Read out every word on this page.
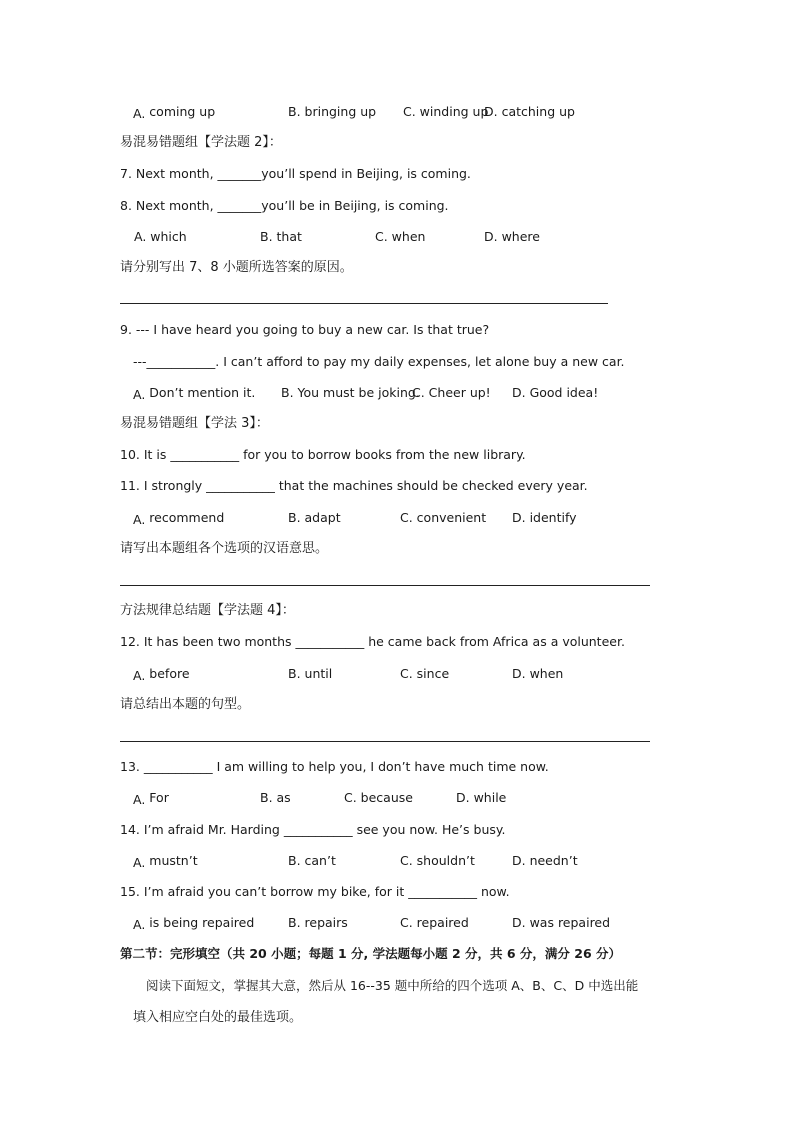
A. coming up	B. bringing up C. winding up
D. catching up
易混易错题组【学法题 2】：
7. Next month, _______you’ll spend in Beijing, is coming.
8. Next month, _______you’ll be in Beijing, is coming.
A. which	B. that	C. when	D. where
请分别写出 7、8 小题所选答案的原因。
9. --- I have heard you going to buy a new car. Is that true?
---___________. I can’t afford to pay my daily expenses, let alone buy a new car.
A. Don’t mention it. B. You must be joking.
C. Cheer up! D. Good idea!
易混易错题组【学法 3】：
10. It is ___________ for you to borrow books from the new library.
11. I strongly ___________ that the machines should be checked every year.
A. recommend	B. adapt	C. convenient D. identify
请写出本题组各个选项的汉语意思。
方法规律总结题【学法题 4】：
12. It has been two months ___________ he came back from Africa as a volunteer.
A. before	B. until	C. since	D. when
请总结出本题的句型。
13. ___________ I am willing to help you, I don’t have much time now.
A. For	B. as	C. because	D. while
14. I’m afraid Mr. Harding ___________ see you now. He’s busy.
A. mustn’t	B. can’t	C. shouldn’t	D. needn’t
15. I’m afraid you can’t borrow my bike, for it ___________ now.
A. is being repaired	B. repairs	C. repaired	D. was repaired
第二节：完形填空（共 20 小题；每题 1 分, 学法题每小题 2 分，共 6 分，满分 26 分）
阅读下面短文，掌握其大意，然后从 16--35 题中所给的四个选项 A、B、C、D 中选出能
填入相应空白处的最佳选项。
